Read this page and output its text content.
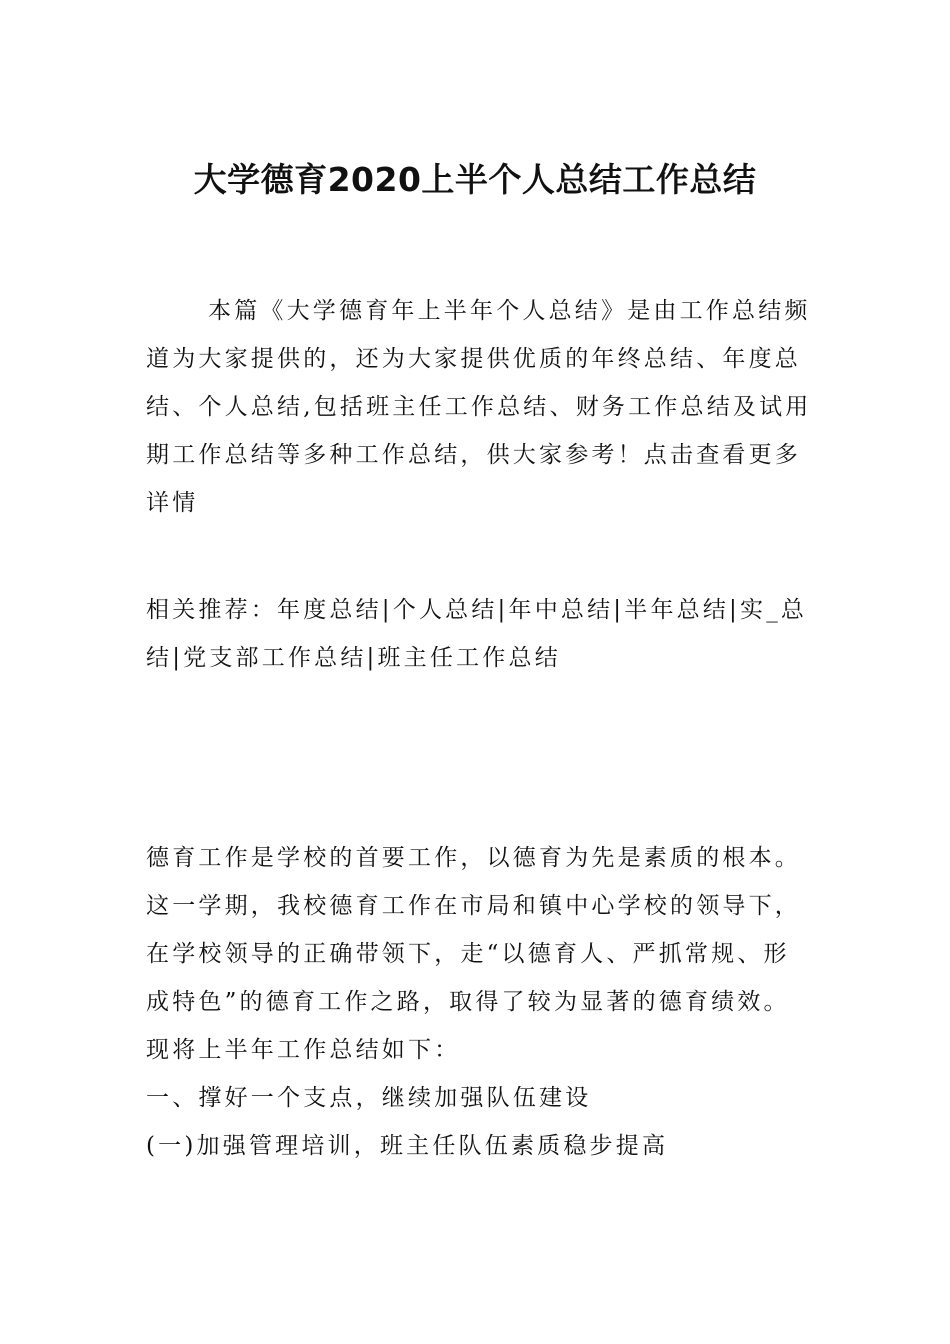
大学德育2020上半个人总结工作总结
本篇《大学德育年上半年个人总结》是由工作总结频
道为大家提供的，还为大家提供优质的年终总结、年度总
结、个人总结,包括班主任工作总结、财务工作总结及试用
期工作总结等多种工作总结，供大家参考！点击查看更多
详情
相关推荐：年度总结|个人总结|年中总结|半年总结|实_总
结|党支部工作总结|班主任工作总结
德育工作是学校的首要工作，以德育为先是素质的根本。
这一学期，我校德育工作在市局和镇中心学校的领导下，
在学校领导的正确带领下，走“以德育人、严抓常规、形
成特色”的德育工作之路，取得了较为显著的德育绩效。
现将上半年工作总结如下：
一、撑好一个支点，继续加强队伍建设
(一)加强管理培训，班主任队伍素质稳步提高
